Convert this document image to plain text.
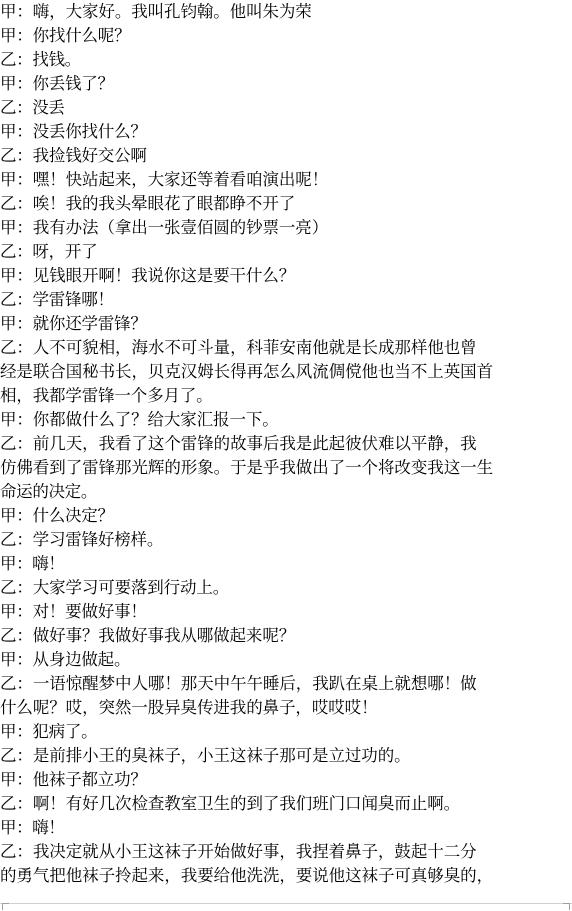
甲：嗨，大家好。我叫孔钧翰。他叫朱为荣
甲：你找什么呢？
乙：找钱。
甲：你丢钱了？
乙：没丢
甲：没丢你找什么？
乙：我捡钱好交公啊
甲：嘿！快站起来，大家还等着看咱演出呢！
乙：唉！我的我头晕眼花了眼都睁不开了
甲：我有办法（拿出一张壹佰圆的钞票一亮）
乙：呀，开了
甲：见钱眼开啊！我说你这是要干什么？
乙：学雷锋哪！
甲：就你还学雷锋？
乙：人不可貌相，海水不可斗量，科菲安南他就是长成那样他也曾
经是联合国秘书长，贝克汉姆长得再怎么风流倜傥他也当不上英国首
相，我都学雷锋一个多月了。
甲：你都做什么了？给大家汇报一下。
乙：前几天，我看了这个雷锋的故事后我是此起彼伏难以平静，我
仿佛看到了雷锋那光辉的形象。于是乎我做出了一个将改变我这一生
命运的决定。
甲：什么决定？
乙：学习雷锋好榜样。
甲：嗨！
乙：大家学习可要落到行动上。
甲：对！要做好事！
乙：做好事？我做好事我从哪做起来呢？
甲：从身边做起。
乙：一语惊醒梦中人哪！那天中午午睡后，我趴在桌上就想哪！做
什么呢？哎，突然一股异臭传进我的鼻子，哎哎哎！
甲：犯病了。
乙：是前排小王的臭袜子，小王这袜子那可是立过功的。
甲：他袜子都立功？
乙：啊！有好几次检查教室卫生的到了我们班门口闻臭而止啊。
甲：嗨！
乙：我决定就从小王这袜子开始做好事，我捏着鼻子，鼓起十二分
的勇气把他袜子拎起来，我要给他洗洗，要说他这袜子可真够臭的，
